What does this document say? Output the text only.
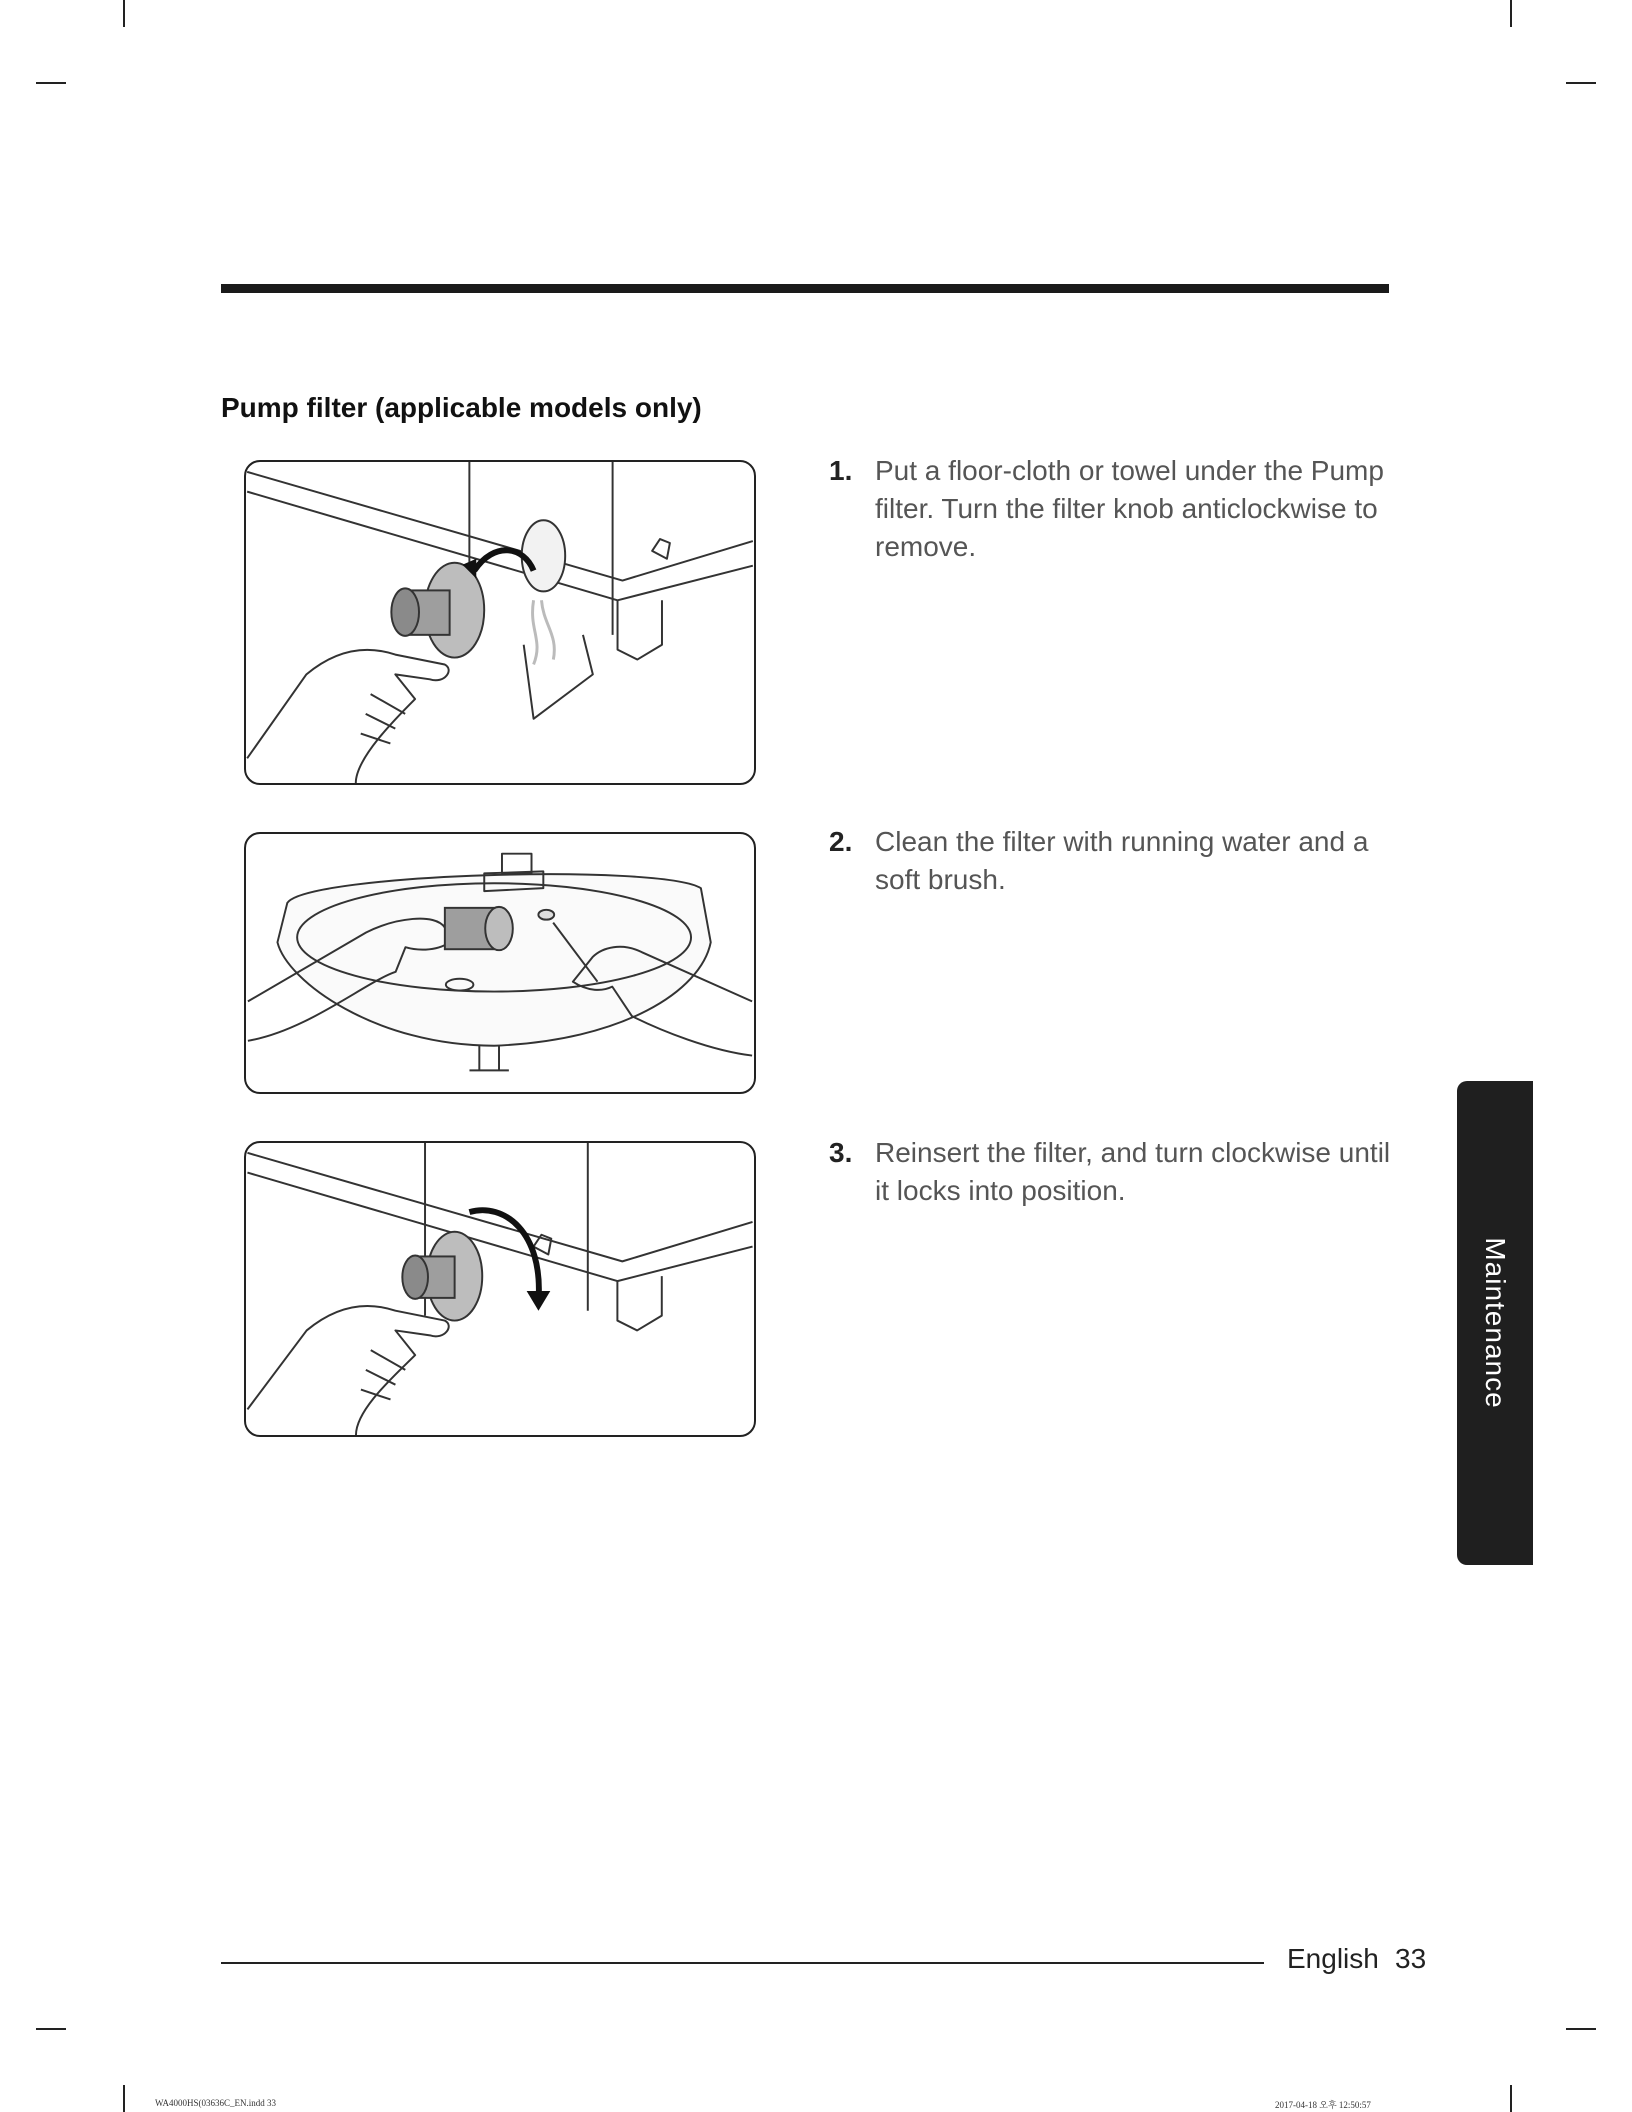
Pump filter (applicable models only)
1. Put a floor-cloth or towel under the Pump filter. Turn the filter knob anticlockwise to remove.
2. Clean the filter with running water and a soft brush.
3. Reinsert the filter, and turn clockwise until it locks into position.
Maintenance
English 33
WA4000HS(03636C_EN.indd 33	2017-04-18 오후 12:50:57
